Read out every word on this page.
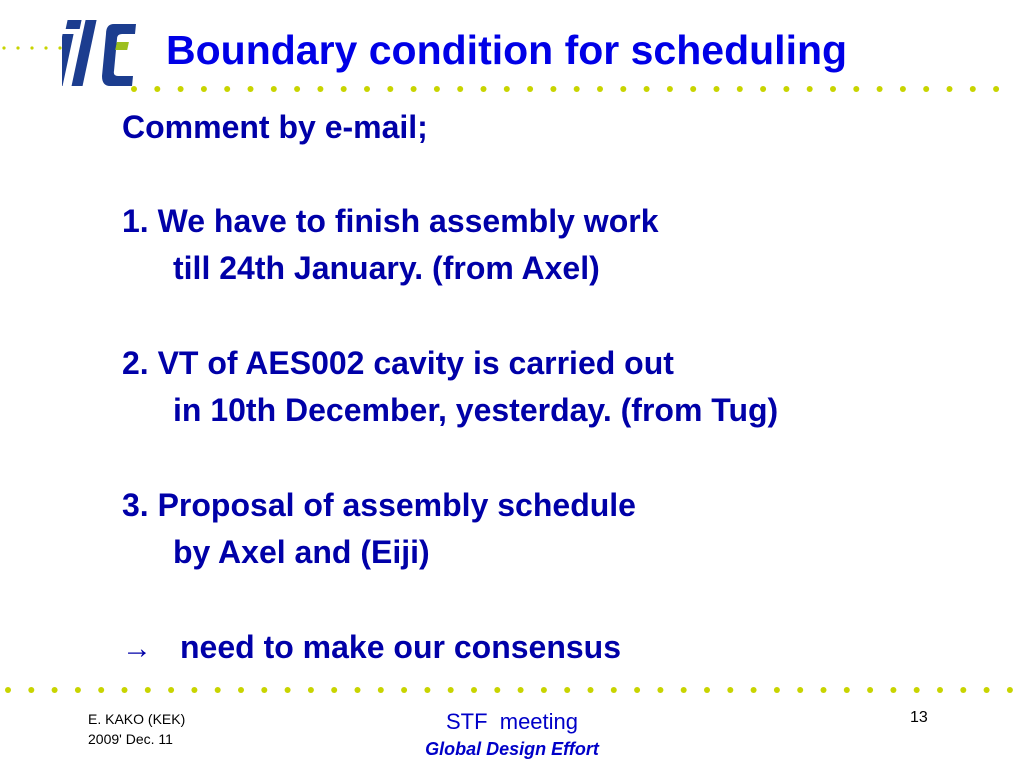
Boundary condition for scheduling
Comment by e-mail;
1. We have to finish assembly work
till 24th January. (from Axel)
2. VT of AES002 cavity is carried out
in 10th December, yesterday. (from Tug)
3. Proposal of assembly schedule
by Axel and (Eiji)
→ need to make our consensus
E. KAKO (KEK)
2009' Dec. 11
STF  meeting
Global Design Effort
13
